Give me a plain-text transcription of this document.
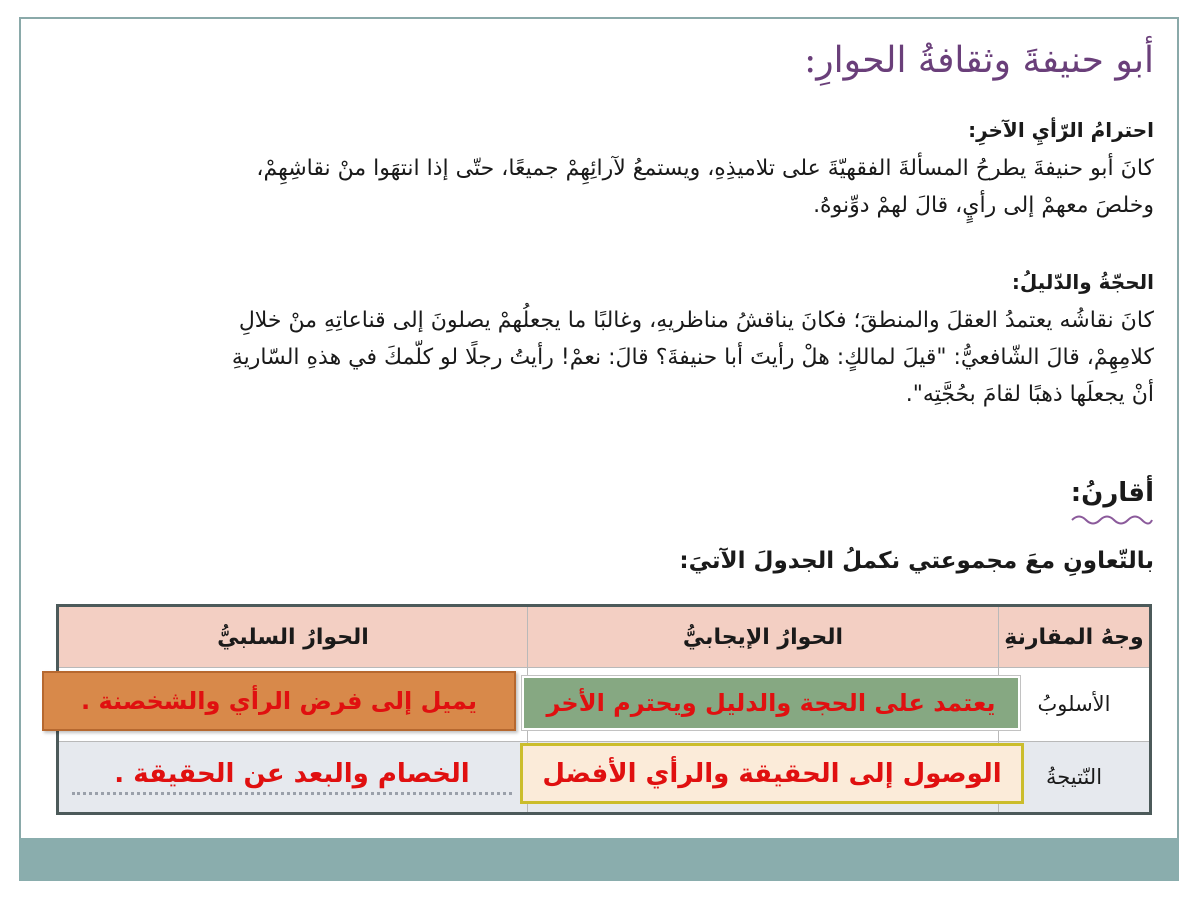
أبو حنيفةَ وثقافةُ الحوارِ:
احترامُ الرّأيِ الآخرِ:
كانَ أبو حنيفةَ يطرحُ المسألةَ الفقهيّةَ على تلاميذِهِ، ويستمعُ لآرائِهِمْ جميعًا، حتّى إذا انتهَوا منْ نقاشِهِمْ،
وخلصَ معهمْ إلى رأيٍ، قالَ لهمْ دوِّنوهُ.
الحجّةُ والدّليلُ:
كانَ نقاشُه يعتمدُ العقلَ والمنطقَ؛ فكانَ يناقشُ مناظريهِ، وغالبًا ما يجعلُهمْ يصلونَ إلى قناعاتِهِ منْ خلالِ
كلامِهِمْ، قالَ الشّافعيُّ: "قيلَ لمالكٍ: هلْ رأيتَ أبا حنيفةَ؟ قالَ: نعمْ! رأيتُ رجلًا لو كلّمكَ في هذهِ السّاريةِ
أنْ يجعلَها ذهبًا لقامَ بحُجَّتِه".
أقارنُ:
بالتّعاونِ معَ مجموعتي نكملُ الجدولَ الآتيَ:
وجهُ المقارنةِ
الحوارُ الإيجابيُّ
الحوارُ السلبيُّ
الأسلوبُ
النّتيجةُ
يميل إلى فرض الرأي والشخصنة .	يعتمد على الحجة والدليل ويحترم الأخر
الوصول إلى الحقيقة والرأي الأفضل
الخصام والبعد عن الحقيقة .
